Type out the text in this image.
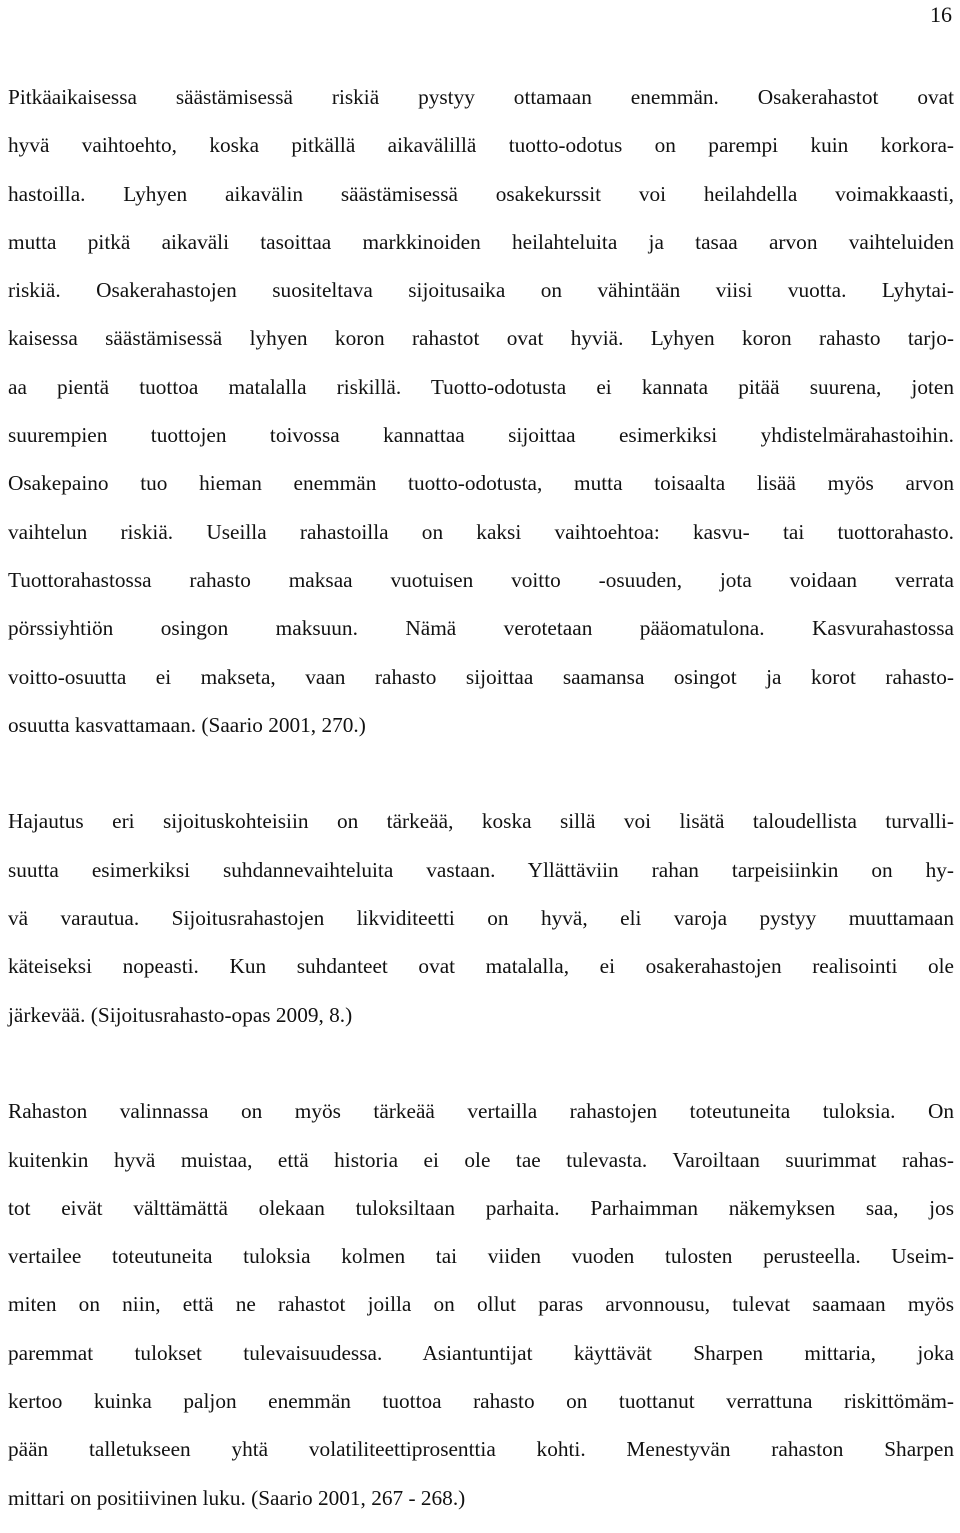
16
Pitkäaikaisessa säästämisessä riskiä pystyy ottamaan enemmän. Osakerahastot ovat
hyvä vaihtoehto, koska pitkällä aikavälillä tuotto-odotus on parempi kuin korkora-
hastoilla. Lyhyen aikavälin säästämisessä osakekurssit voi heilahdella voimakkaasti,
mutta pitkä aikaväli tasoittaa markkinoiden heilahteluita ja tasaa arvon vaihteluiden
riskiä. Osakerahastojen suositeltava sijoitusaika on vähintään viisi vuotta. Lyhytai-
kaisessa säästämisessä lyhyen koron rahastot ovat hyviä. Lyhyen koron rahasto tarjo-
aa pientä tuottoa matalalla riskillä. Tuotto-odotusta ei kannata pitää suurena, joten
suurempien tuottojen toivossa kannattaa sijoittaa esimerkiksi yhdistelmärahastoihin.
Osakepaino tuo hieman enemmän tuotto-odotusta, mutta toisaalta lisää myös arvon
vaihtelun riskiä. Useilla rahastoilla on kaksi vaihtoehtoa: kasvu- tai tuottorahasto.
Tuottorahastossa rahasto maksaa vuotuisen voitto -osuuden, jota voidaan verrata
pörssiyhtiön osingon maksuun. Nämä verotetaan pääomatulona. Kasvurahastossa
voitto-osuutta ei makseta, vaan rahasto sijoittaa saamansa osingot ja korot rahasto-
osuutta kasvattamaan. (Saario 2001, 270.)
Hajautus eri sijoituskohteisiin on tärkeää, koska sillä voi lisätä taloudellista turvalli-
suutta esimerkiksi suhdannevaihteluita vastaan. Yllättäviin rahan tarpeisiinkin on hy-
vä varautua. Sijoitusrahastojen likviditeetti on hyvä, eli varoja pystyy muuttamaan
käteiseksi nopeasti. Kun suhdanteet ovat matalalla, ei osakerahastojen realisointi ole
järkevää. (Sijoitusrahasto-opas 2009, 8.)
Rahaston valinnassa on myös tärkeää vertailla rahastojen toteutuneita tuloksia. On
kuitenkin hyvä muistaa, että historia ei ole tae tulevasta. Varoiltaan suurimmat rahas-
tot eivät välttämättä olekaan tuloksiltaan parhaita. Parhaimman näkemyksen saa, jos
vertailee toteutuneita tuloksia kolmen tai viiden vuoden tulosten perusteella. Useim-
miten on niin, että ne rahastot joilla on ollut paras arvonnousu, tulevat saamaan myös
paremmat tulokset tulevaisuudessa. Asiantuntijat käyttävät Sharpen mittaria, joka
kertoo kuinka paljon enemmän tuottoa rahasto on tuottanut verrattuna riskittömäm-
pään talletukseen yhtä volatiliteettiprosenttia kohti. Menestyvän rahaston Sharpen
mittari on positiivinen luku. (Saario 2001, 267 - 268.)
